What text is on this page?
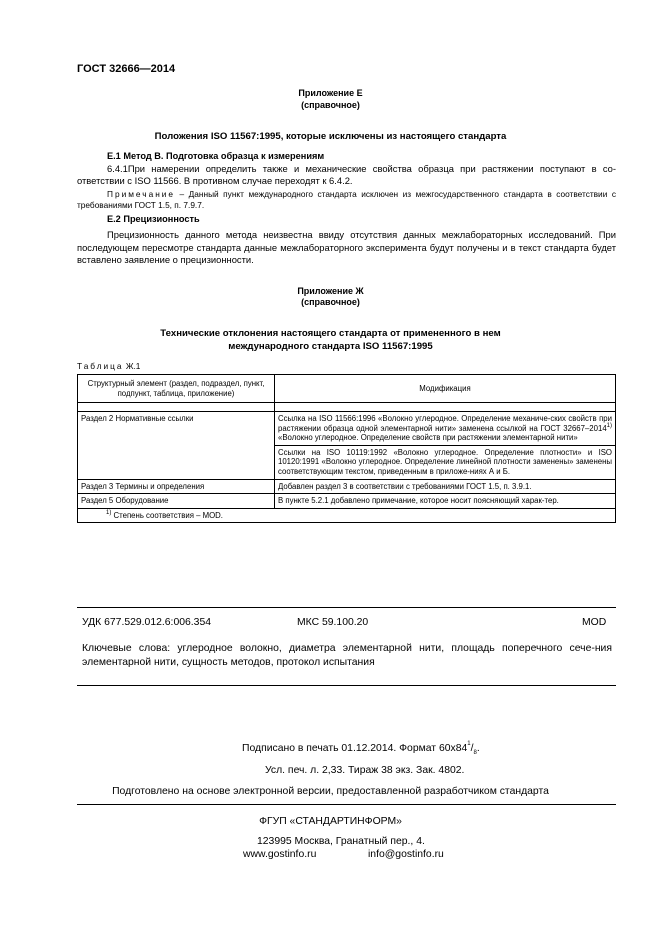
ГОСТ 32666—2014
Приложение Е
(справочное)
Положения ISO 11567:1995, которые исключены из настоящего стандарта
Е.1 Метод В. Подготовка образца к измерениям
6.4.1При намерении определить также и механические свойства образца при растяжении поступают в со-ответствии с ISO 11566. В противном случае переходят к 6.4.2.
Примечание – Данный пункт международного стандарта исключен из межгосударственного стандарта в соответствии с требованиями ГОСТ 1.5, п. 7.9.7.
Е.2 Прецизионность
Прецизионность данного метода неизвестна ввиду отсутствия данных межлабораторных исследований. При последующем пересмотре стандарта данные межлабораторного эксперимента будут получены и в текст стандарта будет вставлено заявление о прецизионности.
Приложение Ж
(справочное)
Технические отклонения настоящего стандарта от примененного в нем
международного стандарта ISO 11567:1995
Таблица Ж.1
Структурный элемент (раздел, подраздел, пункт, подпункт, таблица, приложение)	Модификация

Раздел 2 Нормативные ссылки	Ссылка на ISO 11566:1996 «Волокно углеродное. Определение механиче-ских свойств при растяжении образца одной элементарной нити» заменена ссылкой на ГОСТ 32667–2014$^{1)}$ «Волокно углеродное. Определение свойств при растяжении элементарной нити»
	Ссылки на ISO 10119:1992 «Волокно углеродное. Определение плотности» и ISO 10120:1991 «Волокно углеродное. Определение линейной плотности заменены» заменены соответствующим текстом, приведенным в приложе-ниях А и Б.
Раздел 3 Термины и определения	Добавлен раздел 3 в соответствии с требованиями ГОСТ 1.5, п. 3.9.1.
Раздел 5 Оборудование	В пункте 5.2.1 добавлено примечание, которое носит поясняющий харак-тер.
$^{1)}$ Степень соответствия – MOD.	
УДК 677.529.012.6:006.354	МКС 59.100.20	MOD
Ключевые слова: углеродное волокно, диаметра элементарной нити, площадь поперечного сече-ния элементарной нити, сущность методов, протокол испытания
Подписано в печать 01.12.2014. Формат $60х84^1/_8$.
Усл. печ. л. 2,33. Тираж 38 экз. Зак. 4802.
Подготовлено на основе электронной версии, предоставленной разработчиком стандарта
ФГУП «СТАНДАРТИНФОРМ»
123995 Москва, Гранатный пер., 4.
www.gostinfo.ru	info@gostinfo.ru
